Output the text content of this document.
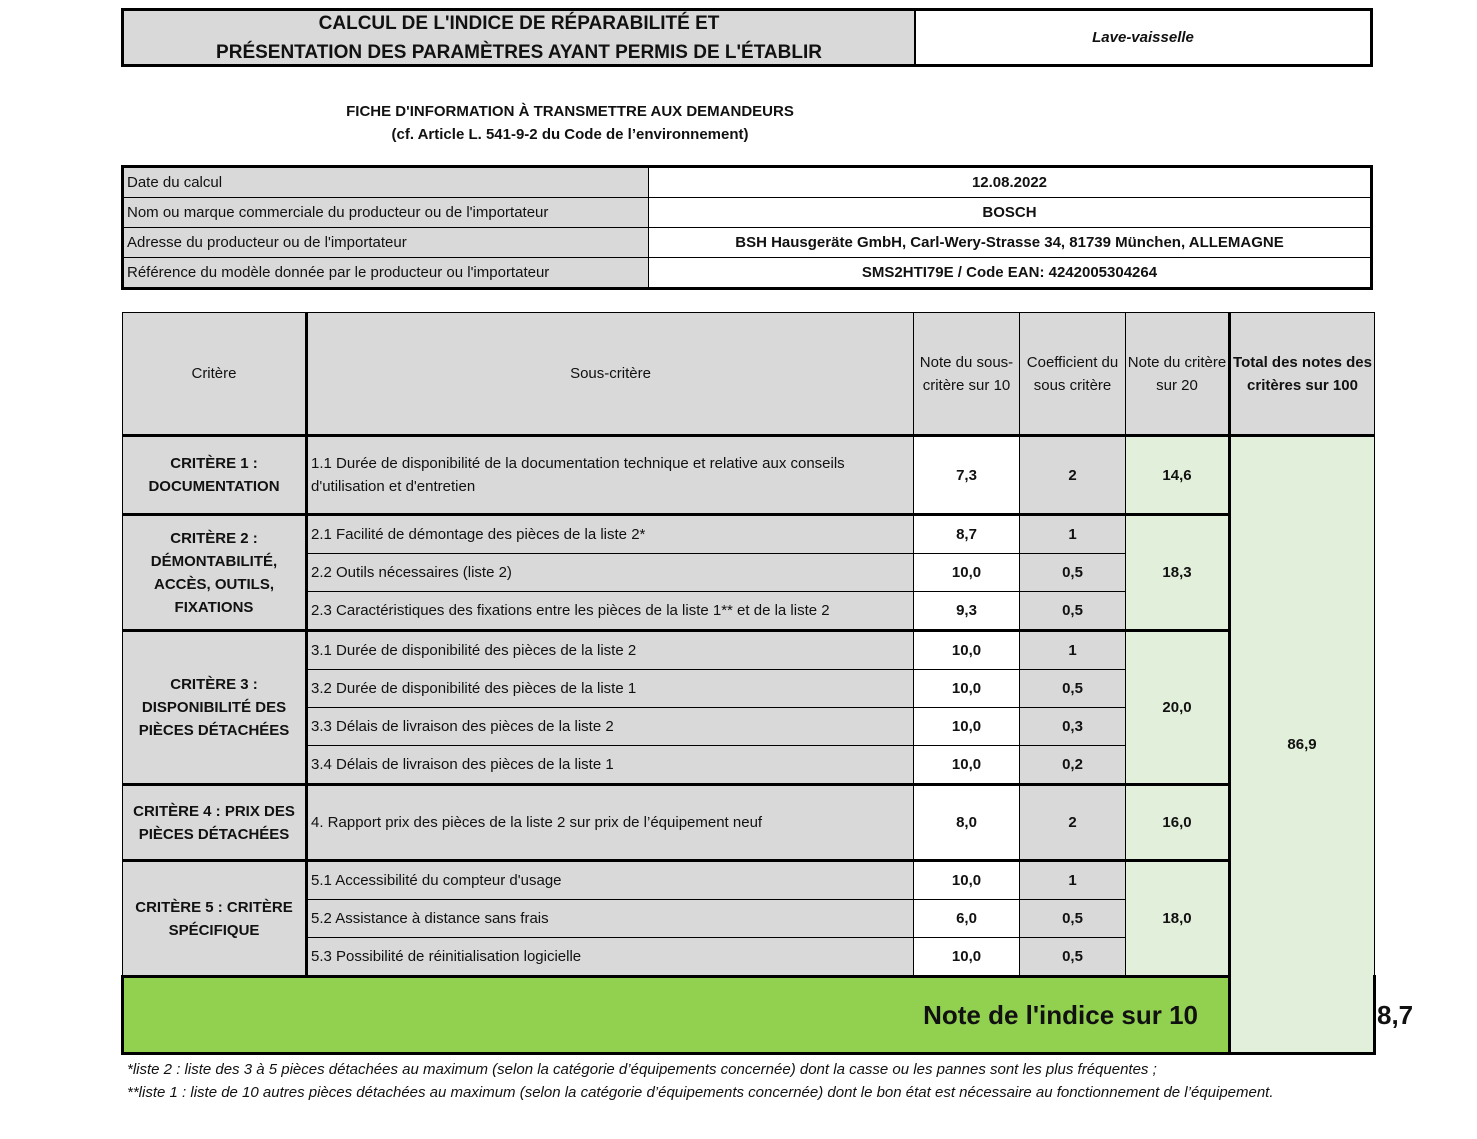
CALCUL DE L'INDICE DE RÉPARABILITÉ ET
PRÉSENTATION DES PARAMÈTRES AYANT PERMIS DE L'ÉTABLIR
Lave-vaisselle
FICHE D'INFORMATION À TRANSMETTRE AUX DEMANDEURS
(cf. Article L. 541-9-2 du Code de l’environnement)
Date du calcul	12.08.2022
Nom ou marque commerciale du producteur ou de l'importateur	BOSCH
Adresse du producteur ou de l'importateur	BSH Hausgeräte GmbH, Carl-Wery-Strasse 34, 81739 München, ALLEMAGNE
Référence du modèle donnée par le producteur ou l'importateur	SMS2HTI79E / Code EAN: 4242005304264
Critère	Sous-critère	Note du sous-critère sur 10	Coefficient du sous critère	Note du critère sur 20	Total des notes des critères sur 100	
CRITÈRE 1 : DOCUMENTATION	1.1 Durée de disponibilité de la documentation technique et relative aux conseils d'utilisation et d'entretien	7,3	2	14,6	86,9	
CRITÈRE 2 : DÉMONTABILITÉ, ACCÈS, OUTILS, FIXATIONS	2.1 Facilité de démontage des pièces de la liste 2*	8,7	1	18,3		
	2.2 Outils nécessaires (liste 2)	10,0	0,5			
	2.3 Caractéristiques des fixations entre les pièces de la liste 1** et de la liste 2	9,3	0,5			
CRITÈRE 3 : DISPONIBILITÉ DES PIÈCES DÉTACHÉES	3.1 Durée de disponibilité des pièces de la liste 2	10,0	1	20,0		
	3.2 Durée de disponibilité des pièces de la liste 1	10,0	0,5			
	3.3 Délais de livraison des pièces de la liste 2	10,0	0,3			
	3.4 Délais de livraison des pièces de la liste 1	10,0	0,2			
CRITÈRE 4 : PRIX DES PIÈCES DÉTACHÉES	4. Rapport prix des pièces de la liste 2 sur prix de l’équipement neuf	8,0	2	16,0		
CRITÈRE 5 : CRITÈRE SPÉCIFIQUE	5.1 Accessibilité du compteur d'usage	10,0	1	18,0		
	5.2 Assistance à distance sans frais	6,0	0,5			
	5.3 Possibilité de réinitialisation logicielle	10,0	0,5			
Note de l'indice sur 10						8,7
*liste 2 : liste des 3 à 5 pièces détachées au maximum (selon la catégorie d’équipements concernée) dont la casse ou les pannes sont les plus fréquentes ;
**liste 1 : liste de 10 autres pièces détachées au maximum (selon la catégorie d’équipements concernée) dont le bon état est nécessaire au fonctionnement de l’équipement.
